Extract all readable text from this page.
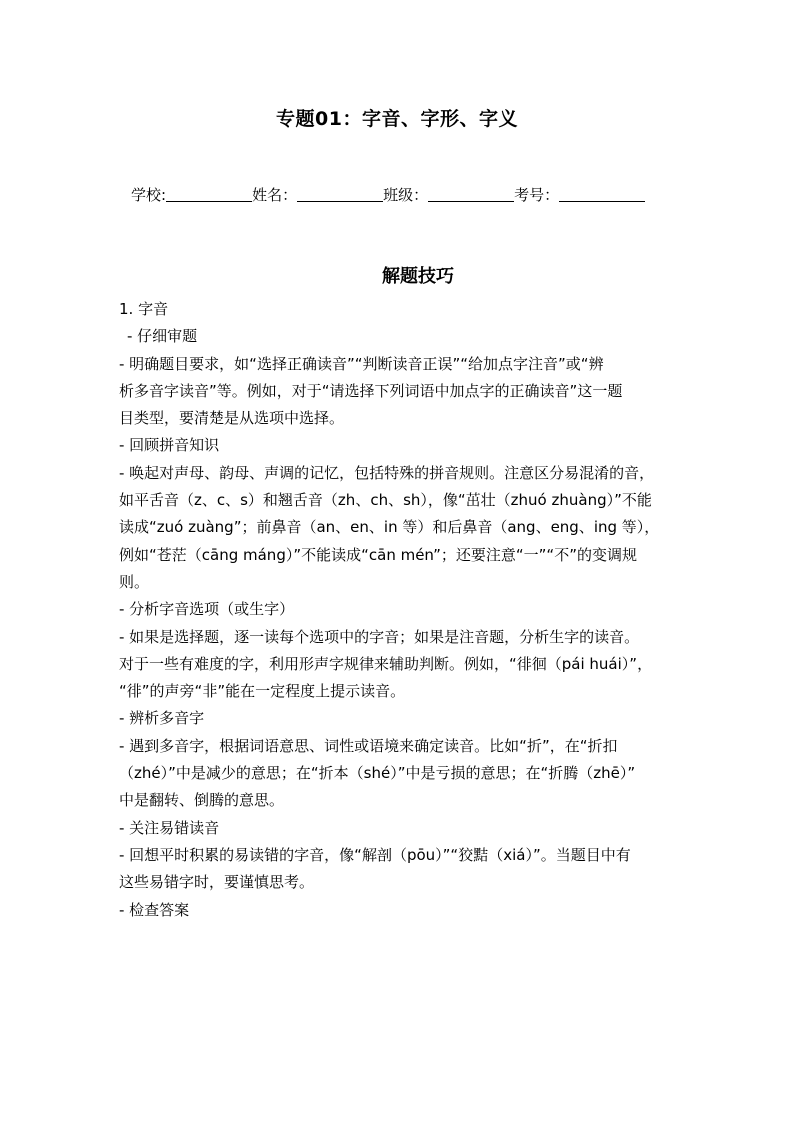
专题01：字音、字形、字义
学校:	姓名：	班级：	考号：
解题技巧
1. 字音
- 仔细审题
- 明确题目要求，如“选择正确读音”“判断读音正误”“给加点字注音”或“辨
析多音字读音”等。例如，对于“请选择下列词语中加点字的正确读音”这一题
目类型，要清楚是从选项中选择。
- 回顾拼音知识
- 唤起对声母、韵母、声调的记忆，包括特殊的拼音规则。注意区分易混淆的音，
如平舌音（z、c、s）和翘舌音（zh、ch、sh），像“茁壮（zhuó zhuàng）”不能
读成“zuó zuàng”；前鼻音（an、en、in 等）和后鼻音（ang、eng、ing 等），
例如“苍茫（cāng máng）”不能读成“cān mén”；还要注意“一”“不”的变调规
则。
- 分析字音选项（或生字）
- 如果是选择题，逐一读每个选项中的字音；如果是注音题，分析生字的读音。
对于一些有难度的字，利用形声字规律来辅助判断。例如，“徘徊（pái huái）”，
“徘”的声旁“非”能在一定程度上提示读音。
- 辨析多音字
- 遇到多音字，根据词语意思、词性或语境来确定读音。比如“折”，在“折扣
（zhé）”中是减少的意思；在“折本（shé）”中是亏损的意思；在“折腾（zhē）”
中是翻转、倒腾的意思。
- 关注易错读音
- 回想平时积累的易读错的字音，像“解剖（pōu）”“狡黠（xiá）”。当题目中有
这些易错字时，要谨慎思考。
- 检查答案
